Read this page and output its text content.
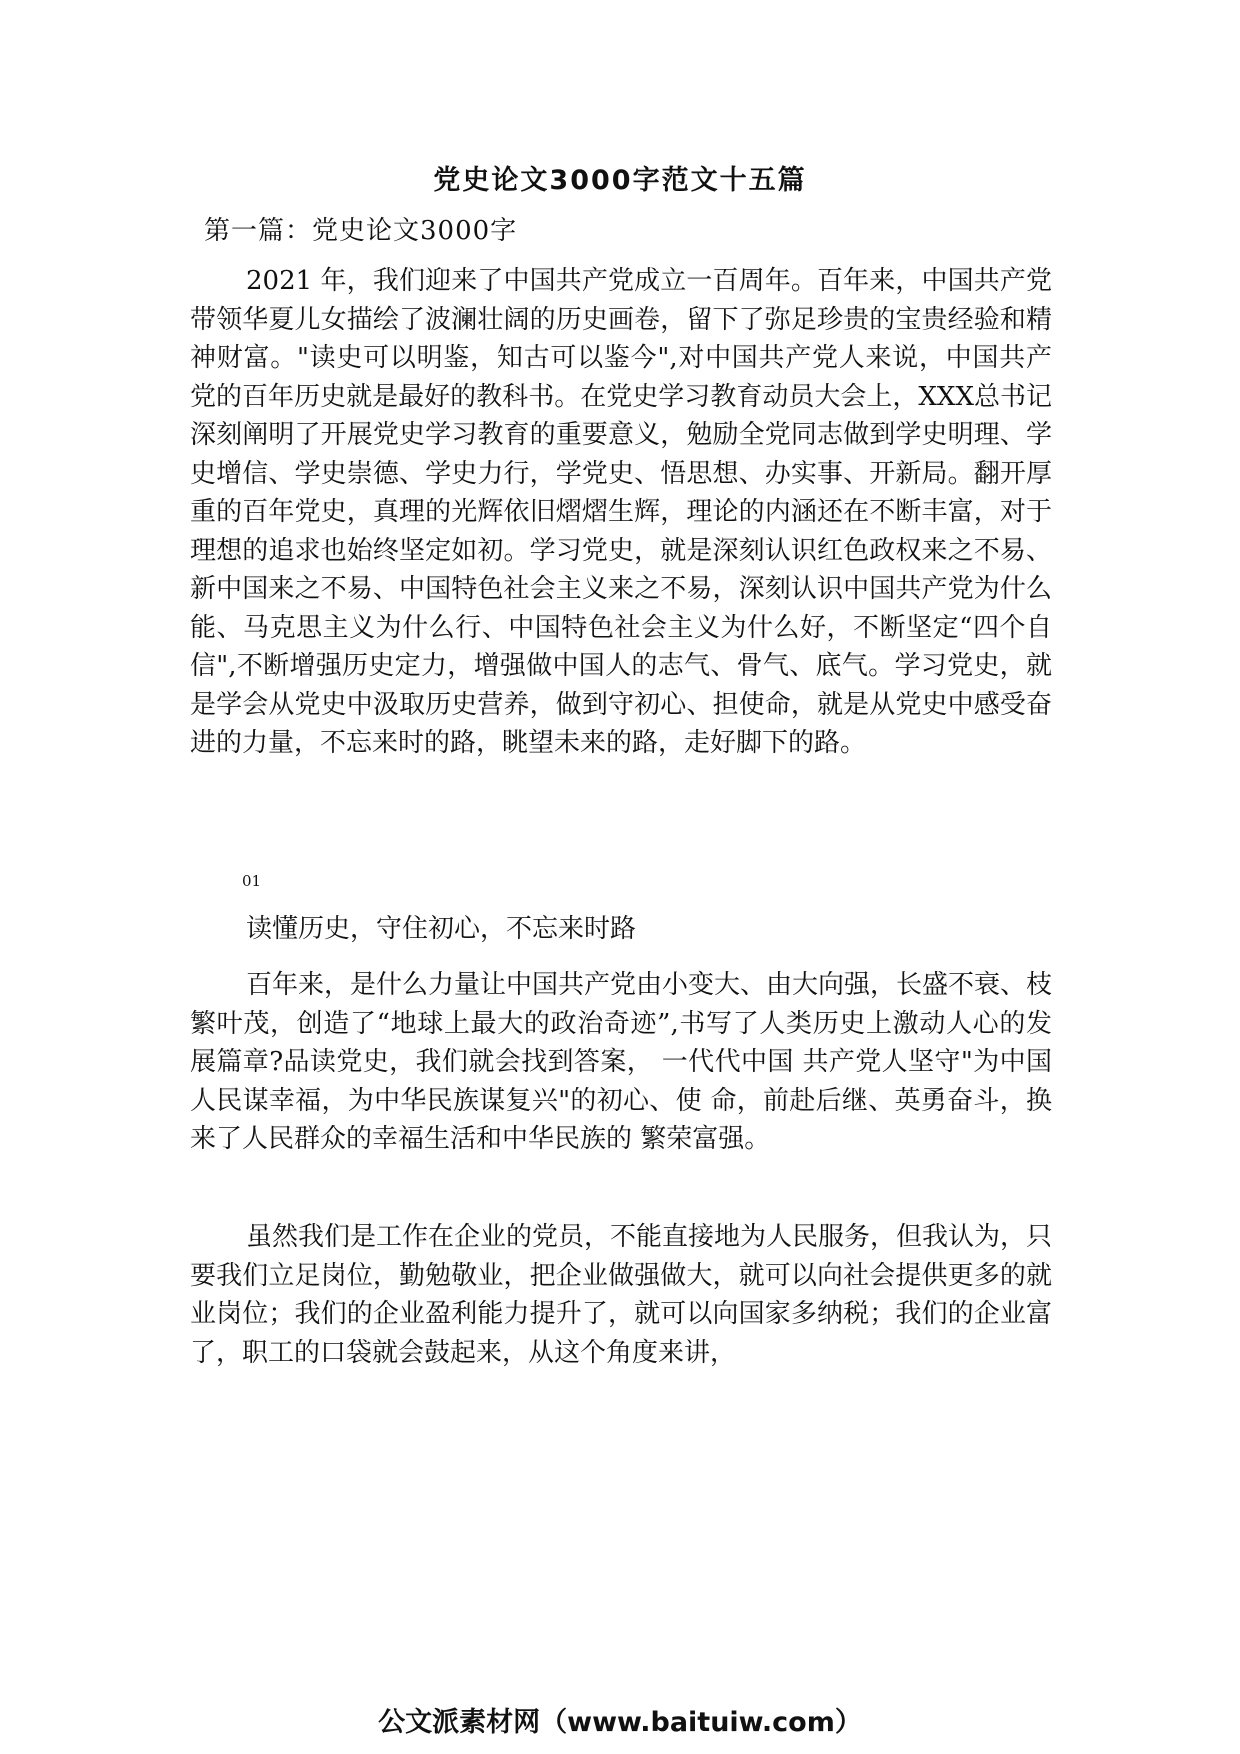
党史论文3000字范文十五篇

第一篇：党史论文3000字

2021 年，我们迎来了中国共产党成立一百周年。百年来，中国共产党带领华夏儿女描绘了波澜壮阔的历史画卷，留下了弥足珍贵的宝贵经验和精神财富。"读史可以明鉴，知古可以鉴今",对中国共产党人来说，中国共产党的百年历史就是最好的教科书。在党史学习教育动员大会上，XXX总书记深刻阐明了开展党史学习教育的重要意义，勉励全党同志做到学史明理、学史增信、学史崇德、学史力行，学党史、悟思想、办实事、开新局。翻开厚重的百年党史，真理的光辉依旧熠熠生辉，理论的内涵还在不断丰富，对于理想的追求也始终坚定如初。学习党史，就是深刻认识红色政权来之不易、新中国来之不易、中国特色社会主义来之不易，深刻认识中国共产党为什么能、马克思主义为什么行、中国特色社会主义为什么好，不断坚定“四个自信",不断增强历史定力，增强做中国人的志气、骨气、底气。学习党史，就是学会从党史中汲取历史营养，做到守初心、担使命，就是从党史中感受奋进的力量，不忘来时的路，眺望未来的路，走好脚下的路。

01

读懂历史，守住初心，不忘来时路

百年来，是什么力量让中国共产党由小变大、由大向强，长盛不衰、枝繁叶茂，创造了“地球上最大的政治奇迹”,书写了人类历史上激动人心的发展篇章?品读党史，我们就会找到答案， 一代代中国 共产党人坚守"为中国人民谋幸福，为中华民族谋复兴"的初心、使 命，前赴后继、英勇奋斗，换来了人民群众的幸福生活和中华民族的 繁荣富强。

虽然我们是工作在企业的党员，不能直接地为人民服务，但我认为，只要我们立足岗位，勤勉敬业，把企业做强做大，就可以向社会提供更多的就业岗位；我们的企业盈利能力提升了，就可以向国家多纳税；我们的企业富了，职工的口袋就会鼓起来，从这个角度来讲，

公文派素材网（www.baituiw.com）
